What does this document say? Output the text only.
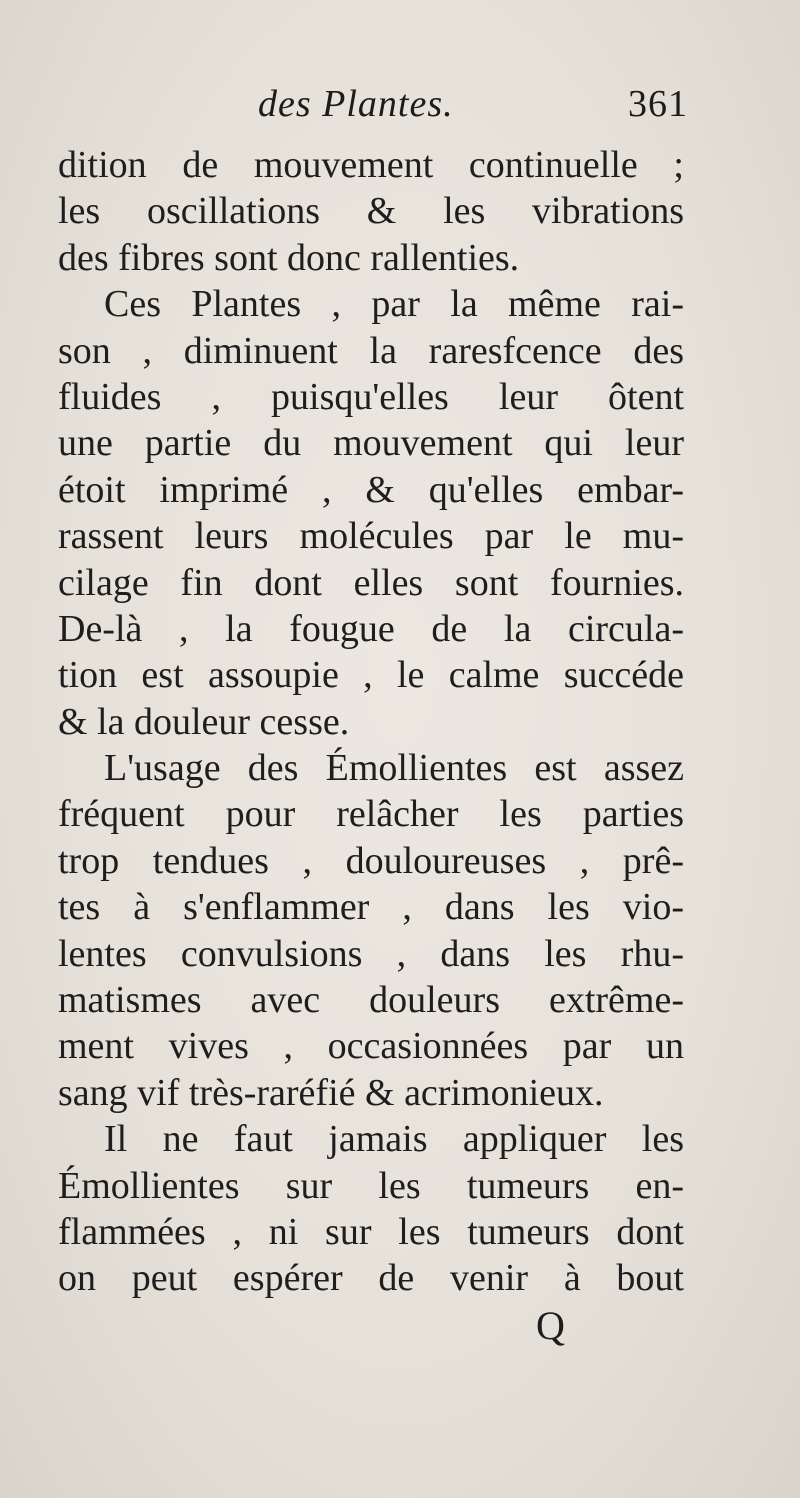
des Plantes.	361
dition de mouvement continuelle ;
les oscillations & les vibrations
des fibres sont donc rallenties.
Ces Plantes , par la même rai-
son , diminuent la raresfcence des
fluides , puisqu'elles leur ôtent
une partie du mouvement qui leur
étoit imprimé , & qu'elles embar-
rassent leurs molécules par le mu-
cilage fin dont elles sont fournies.
De-là , la fougue de la circula-
tion est assoupie , le calme succéde
& la douleur cesse.
L'usage des Émollientes est assez
fréquent pour relâcher les parties
trop tendues , douloureuses , prê-
tes à s'enflammer , dans les vio-
lentes convulsions , dans les rhu-
matismes avec douleurs extrême-
ment vives , occasionnées par un
sang vif très-raréfié & acrimonieux.
Il ne faut jamais appliquer les
Émollientes sur les tumeurs en-
flammées , ni sur les tumeurs dont
on peut espérer de venir à bout
Q
